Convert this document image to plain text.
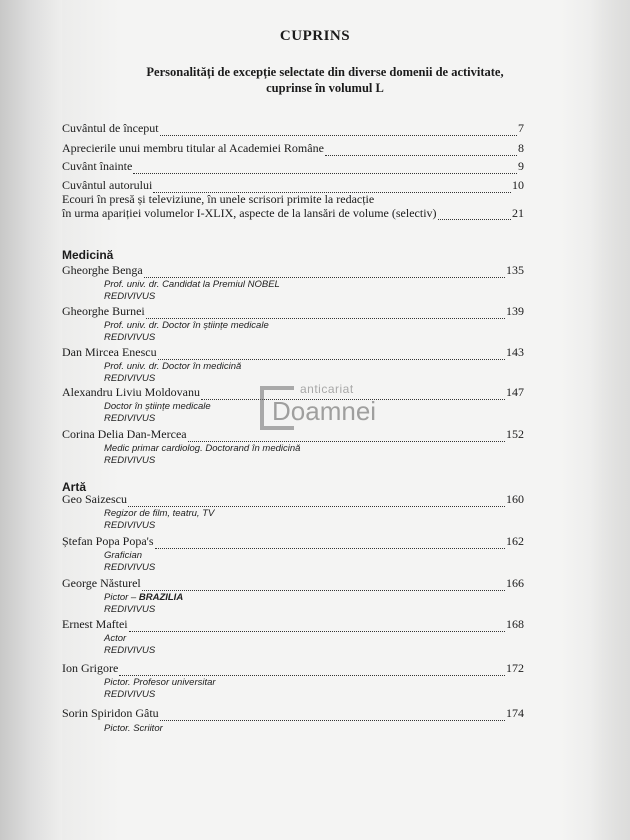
CUPRINS
Personalități de excepție selectate din diverse domenii de activitate,
cuprinse în volumul L
Cuvântul de început	7
Aprecierile unui membru titular al Academiei Române	8
Cuvânt înainte	9
Cuvântul autorului	10
Ecouri în presă și televiziune, în unele scrisori primite la redacție
în urma apariției volumelor I-XLIX, aspecte de la lansări de volume (selectiv)	21
Medicină
Gheorghe Benga	135
Prof. univ. dr. Candidat la Premiul NOBEL
REDIVIVUS
Gheorghe Burnei	139
Prof. univ. dr. Doctor în științe medicale
REDIVIVUS
Dan Mircea Enescu	143
Prof. univ. dr. Doctor în medicină
REDIVIVUS
Alexandru Liviu Moldovanu	147
Doctor în științe medicale
REDIVIVUS
Corina Delia Dan-Mercea	152
Medic primar cardiolog. Doctorand în medicină
REDIVIVUS
Artă
Geo Saizescu	160
Regizor de film, teatru, TV
REDIVIVUS
Ștefan Popa Popa's	162
Grafician
REDIVIVUS
George Năsturel	166
Pictor – BRAZILIA
REDIVIVUS
Ernest Maftei	168
Actor
REDIVIVUS
Ion Grigore	172
Pictor. Profesor universitar
REDIVIVUS
Sorin Spiridon Gâtu	174
Pictor. Scriitor
anticariat
Doamnei
